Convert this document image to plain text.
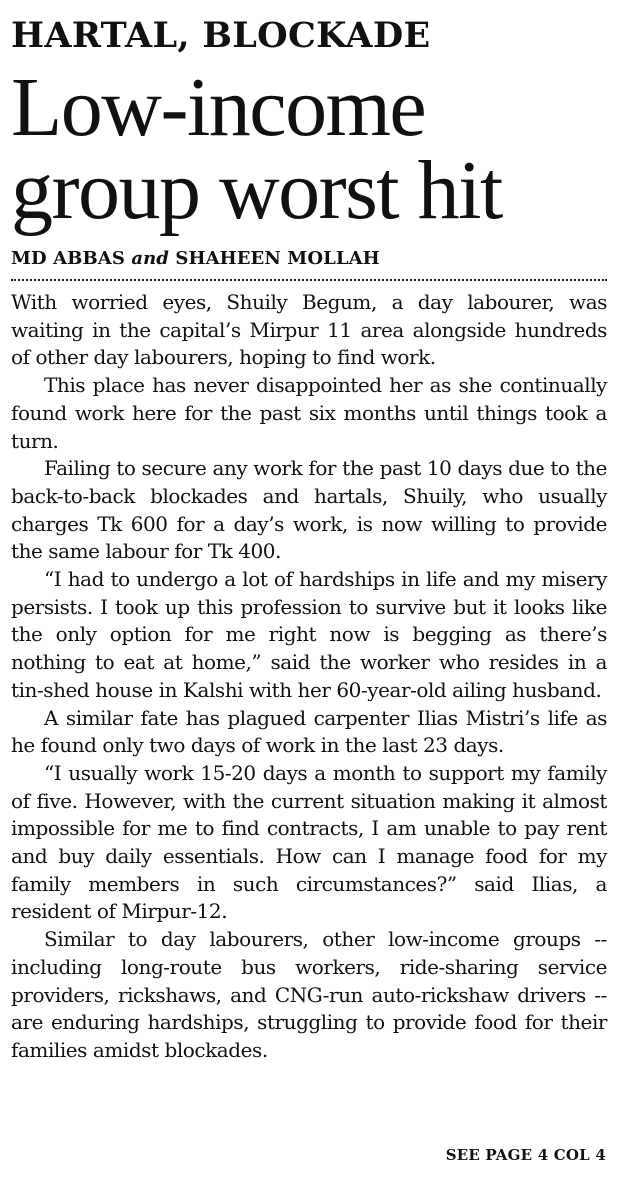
HARTAL, BLOCKADE
Low-income group worst hit
MD ABBAS and SHAHEEN MOLLAH

With worried eyes, Shuily Begum, a day labourer, was waiting in the capital’s Mirpur 11 area alongside hundreds of other day labourers, hoping to find work.

This place has never disappointed her as she continually found work here for the past six months until things took a turn.

Failing to secure any work for the past 10 days due to the back-to-back blockades and hartals, Shuily, who usually charges Tk 600 for a day’s work, is now willing to provide the same labour for Tk 400.

“I had to undergo a lot of hardships in life and my misery persists. I took up this profession to survive but it looks like the only option for me right now is begging as there’s nothing to eat at home,” said the worker who resides in a tin-shed house in Kalshi with her 60-year-old ailing husband.

A similar fate has plagued carpenter Ilias Mistri’s life as he found only two days of work in the last 23 days.

“I usually work 15-20 days a month to support my family of five. However, with the current situation making it almost impossible for me to find contracts, I am unable to pay rent and buy daily essentials. How can I manage food for my family members in such circumstances?” said Ilias, a resident of Mirpur-12.

Similar to day labourers, other low-income groups -- including long-route bus workers, ride-sharing service providers, rickshaws, and CNG-run auto-rickshaw drivers -- are enduring hardships, struggling to provide food for their families amidst blockades.

SEE PAGE 4 COL 4
